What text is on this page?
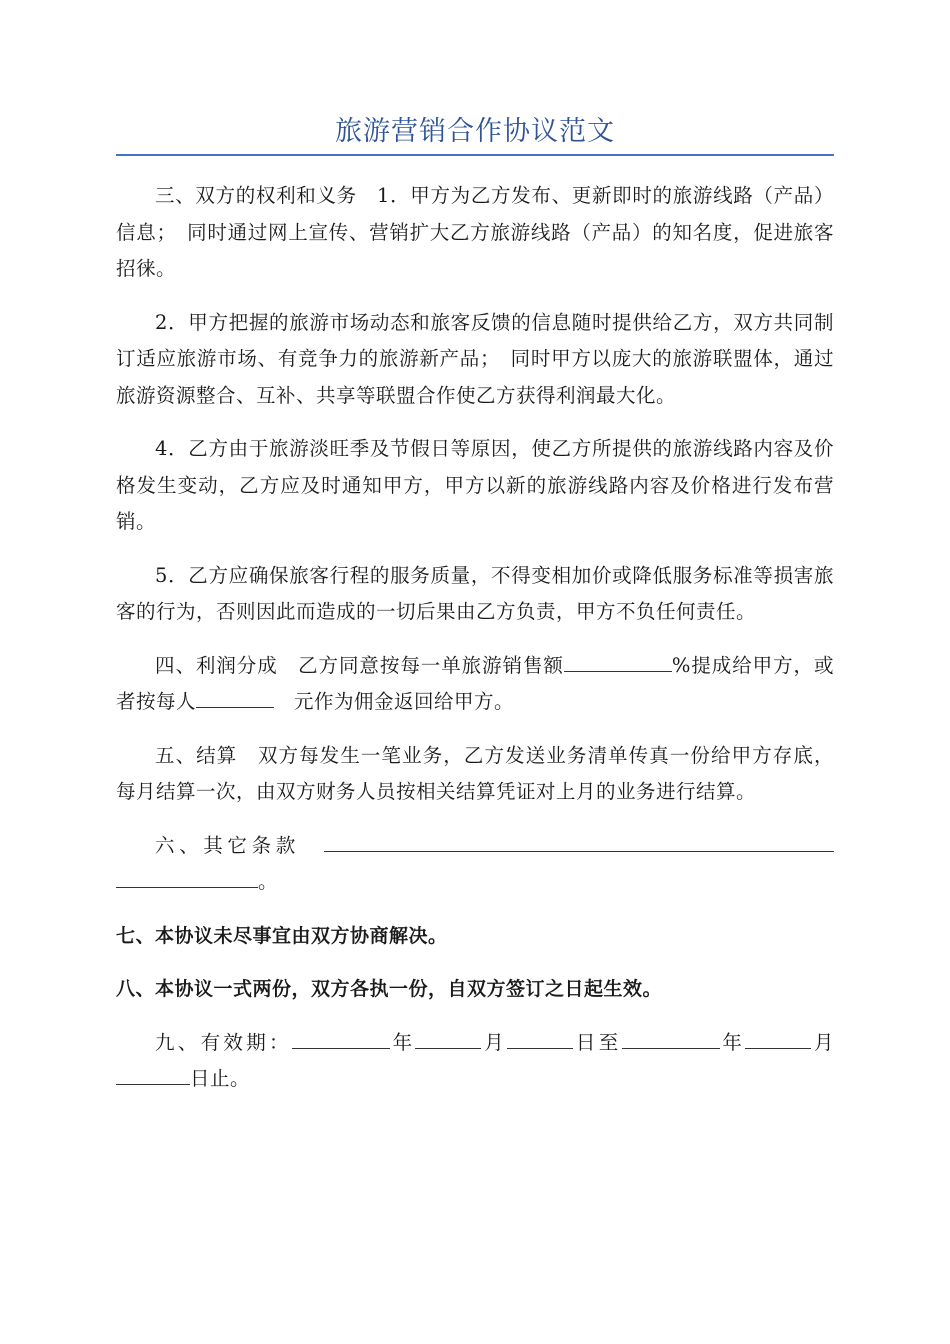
旅游营销合作协议范文

三、双方的权利和义务　1．甲方为乙方发布、更新即时的旅游线路（产品）信息；　同时通过网上宣传、营销扩大乙方旅游线路（产品）的知名度，促进旅客招徕。

2．甲方把握的旅游市场动态和旅客反馈的信息随时提供给乙方，双方共同制订适应旅游市场、有竞争力的旅游新产品；　同时甲方以庞大的旅游联盟体，通过旅游资源整合、互补、共享等联盟合作使乙方获得利润最大化。

4．乙方由于旅游淡旺季及节假日等原因，使乙方所提供的旅游线路内容及价格发生变动，乙方应及时通知甲方，甲方以新的旅游线路内容及价格进行发布营销。

5．乙方应确保旅客行程的服务质量，不得变相加价或降低服务标准等损害旅客的行为，否则因此而造成的一切后果由乙方负责，甲方不负任何责任。

四、利润分成　乙方同意按每一单旅游销售额	%提成给甲方，或者按每人	　元作为佣金返回给甲方。

五、结算　双方每发生一笔业务，乙方发送业务清单传真一份给甲方存底，每月结算一次，由双方财务人员按相关结算凭证对上月的业务进行结算。

六、其它条款　。

七、本协议未尽事宜由双方协商解决。

八、本协议一式两份，双方各执一份，自双方签订之日起生效。

九、有效期：	年	月	日至	年	月日止。
